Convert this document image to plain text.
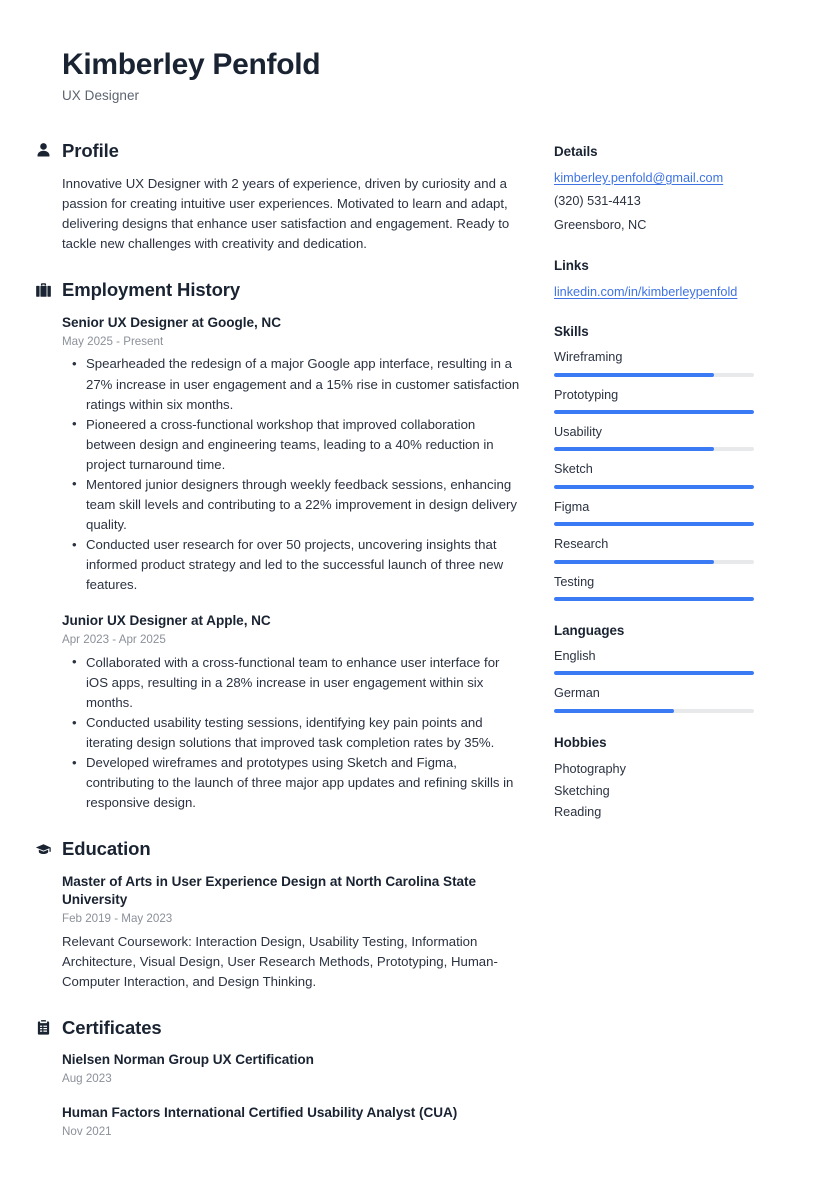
Kimberley Penfold
UX Designer
Profile
Innovative UX Designer with 2 years of experience, driven by curiosity and a passion for creating intuitive user experiences. Motivated to learn and adapt, delivering designs that enhance user satisfaction and engagement. Ready to tackle new challenges with creativity and dedication.
Employment History
Senior UX Designer at Google, NC
May 2025 - Present
• Spearheaded the redesign of a major Google app interface, resulting in a 27% increase in user engagement and a 15% rise in customer satisfaction ratings within six months.
• Pioneered a cross-functional workshop that improved collaboration between design and engineering teams, leading to a 40% reduction in project turnaround time.
• Mentored junior designers through weekly feedback sessions, enhancing team skill levels and contributing to a 22% improvement in design delivery quality.
• Conducted user research for over 50 projects, uncovering insights that informed product strategy and led to the successful launch of three new features.
Junior UX Designer at Apple, NC
Apr 2023 - Apr 2025
• Collaborated with a cross-functional team to enhance user interface for iOS apps, resulting in a 28% increase in user engagement within six months.
• Conducted usability testing sessions, identifying key pain points and iterating design solutions that improved task completion rates by 35%.
• Developed wireframes and prototypes using Sketch and Figma, contributing to the launch of three major app updates and refining skills in responsive design.
Education
Master of Arts in User Experience Design at North Carolina State University
Feb 2019 - May 2023
Relevant Coursework: Interaction Design, Usability Testing, Information Architecture, Visual Design, User Research Methods, Prototyping, Human-Computer Interaction, and Design Thinking.
Certificates
Nielsen Norman Group UX Certification
Aug 2023
Human Factors International Certified Usability Analyst (CUA)
Nov 2021
Details
kimberley.penfold@gmail.com
(320) 531-4413
Greensboro, NC
Links
linkedin.com/in/kimberleypenfold
Skills
Wireframing
Prototyping
Usability
Sketch
Figma
Research
Testing
Languages
English
German
Hobbies
Photography
Sketching
Reading
